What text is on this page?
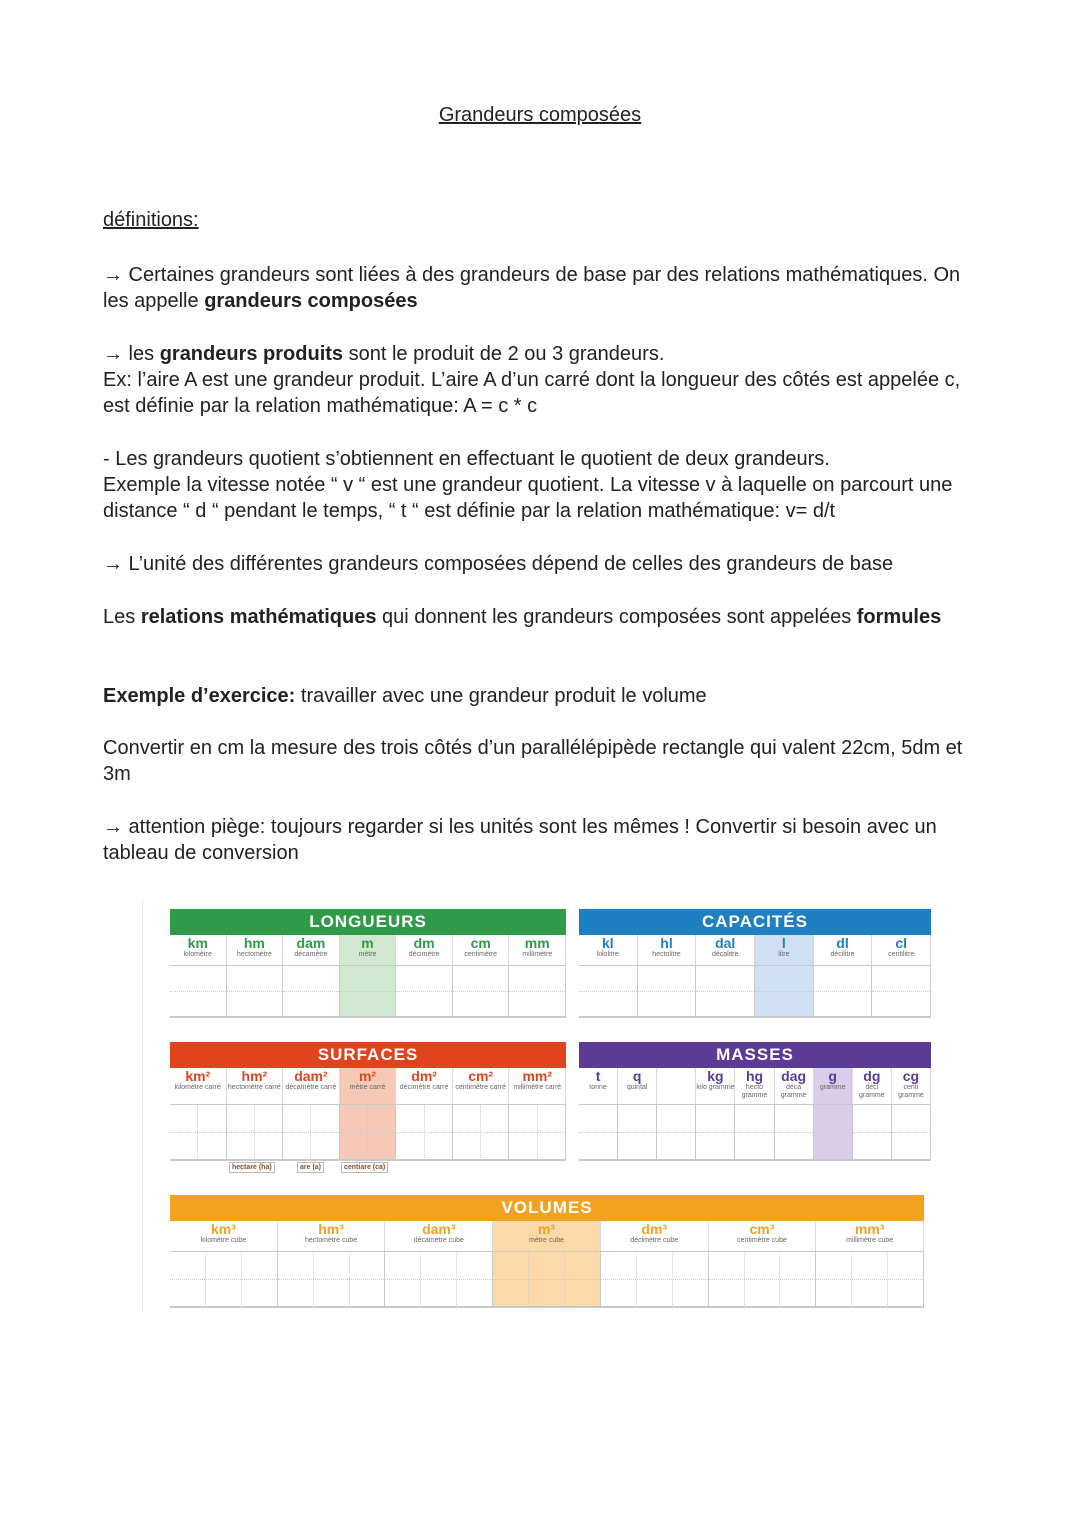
Grandeurs composées
définitions:
→ Certaines grandeurs sont liées à des grandeurs de base par des relations mathématiques. On les appelle grandeurs composées
→ les grandeurs produits sont le produit de 2 ou 3 grandeurs.
Ex: l’aire A est une grandeur produit. L’aire A d’un carré dont la longueur des côtés est appelée c, est définie par la relation mathématique: A = c * c
- Les grandeurs quotient s’obtiennent en effectuant le quotient de deux grandeurs.
Exemple la vitesse notée “ v “ est une grandeur quotient. La vitesse v à laquelle on parcourt une distance “ d “ pendant le temps, “ t “ est définie par la relation mathématique: v= d/t
→ L’unité des différentes grandeurs composées dépend de celles des grandeurs de base
Les relations mathématiques qui donnent les grandeurs composées sont appelées formules
Exemple d’exercice: travailler avec une grandeur produit le volume
Convertir en cm la mesure des trois côtés d’un parallélépipède rectangle qui valent 22cm, 5dm et 3m
→ attention piège: toujours regarder si les unités sont les mêmes ! Convertir si besoin avec un tableau de conversion
LONGUEURS
km
kilomètre
hm
hectomètre
dam
décamètre
m
mètre
dm
décimètre
cm
centimètre
mm
millimètre
CAPACITÉS
kl
kilolitre
hl
hectolitre
dal
décalitre
l
litre
dl
décilitre
cl
centilitre
SURFACES
km²
kilomètre carré
hm²
hectomètre carré
dam²
décamètre carré
m²
mètre carré
dm²
décimètre carré
cm²
centimètre carré
mm²
millimètre carré
hectare (ha)	are (a)	centiare (ca)
MASSES
t
tonne
q
quintal
kg
kilo gramme
hg
hecto gramme
dag
déca gramme
g
gramme
dg
déci gramme
cg
centi gramme
VOLUMES
km³
kilomètre cube
hm³
hectomètre cube
dam³
décamètre cube
m³
mètre cube
dm³
décimètre cube
cm³
centimètre cube
mm³
millimètre cube
